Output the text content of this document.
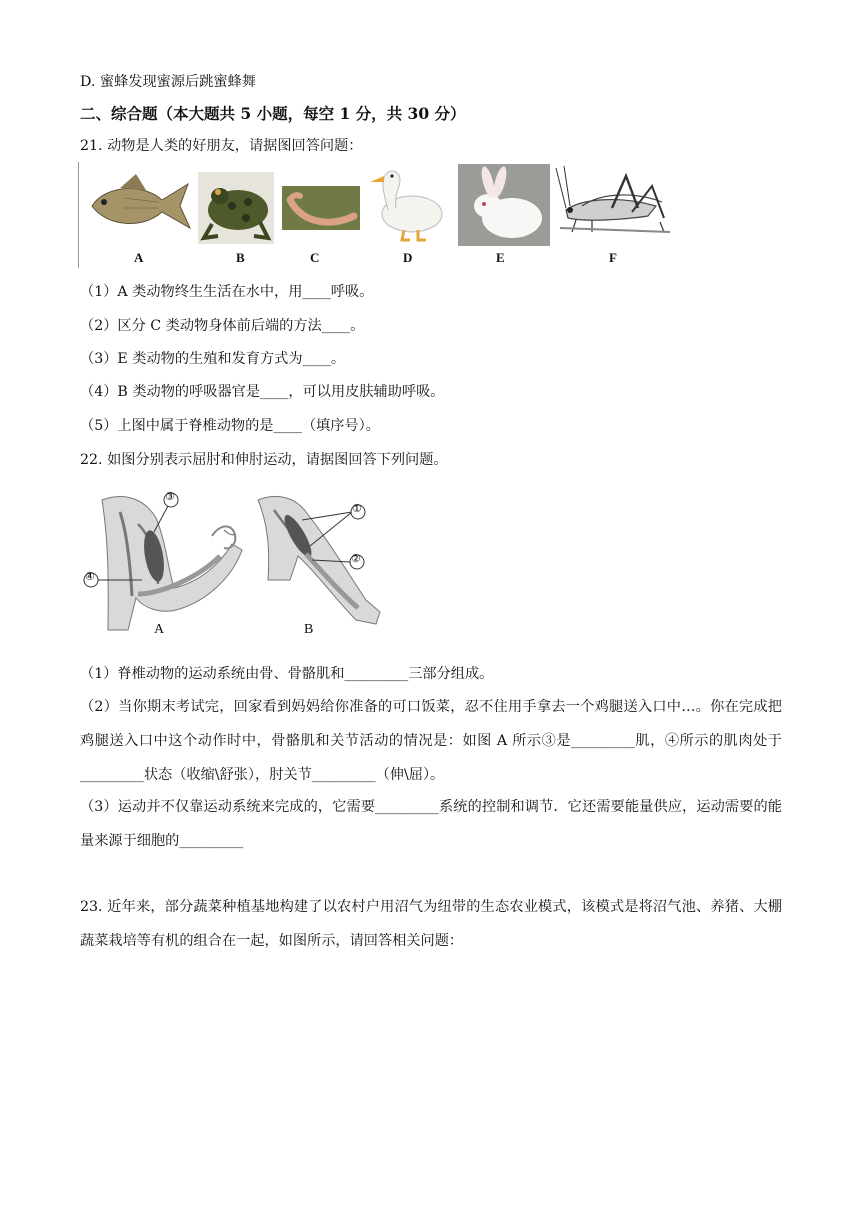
D. 蜜蜂发现蜜源后跳蜜蜂舞
二、综合题（本大题共 5 小题，每空 1 分，共 30 分）
21. 动物是人类的好朋友，请据图回答问题：
A	B	C	D	E	F
（1）A 类动物终生生活在水中，用____呼吸。
（2）区分 C 类动物身体前后端的方法____。
（3）E 类动物的生殖和发育方式为____。
（4）B 类动物的呼吸器官是____，可以用皮肤辅助呼吸。
（5）上图中属于脊椎动物的是____（填序号）。
22. 如图分别表示屈肘和伸肘运动，请据图回答下列问题。
③
④
①
②
A	B
（1）脊椎动物的运动系统由骨、骨骼肌和_________三部分组成。
（2）当你期末考试完，回家看到妈妈给你准备的可口饭菜，忍不住用手拿去一个鸡腿送入口中…。你在完成把鸡腿送入口中这个动作时中，骨骼肌和关节活动的情况是：如图 A 所示③是_________肌，④所示的肌肉处于_________状态（收缩\舒张），肘关节_________（伸\屈）。
（3）运动并不仅靠运动系统来完成的，它需要_________系统的控制和调节．它还需要能量供应，运动需要的能量来源于细胞的_________
23. 近年来，部分蔬菜种植基地构建了以农村户用沼气为纽带的生态农业模式，该模式是将沼气池、养猪、大棚蔬菜栽培等有机的组合在一起，如图所示，请回答相关问题：
